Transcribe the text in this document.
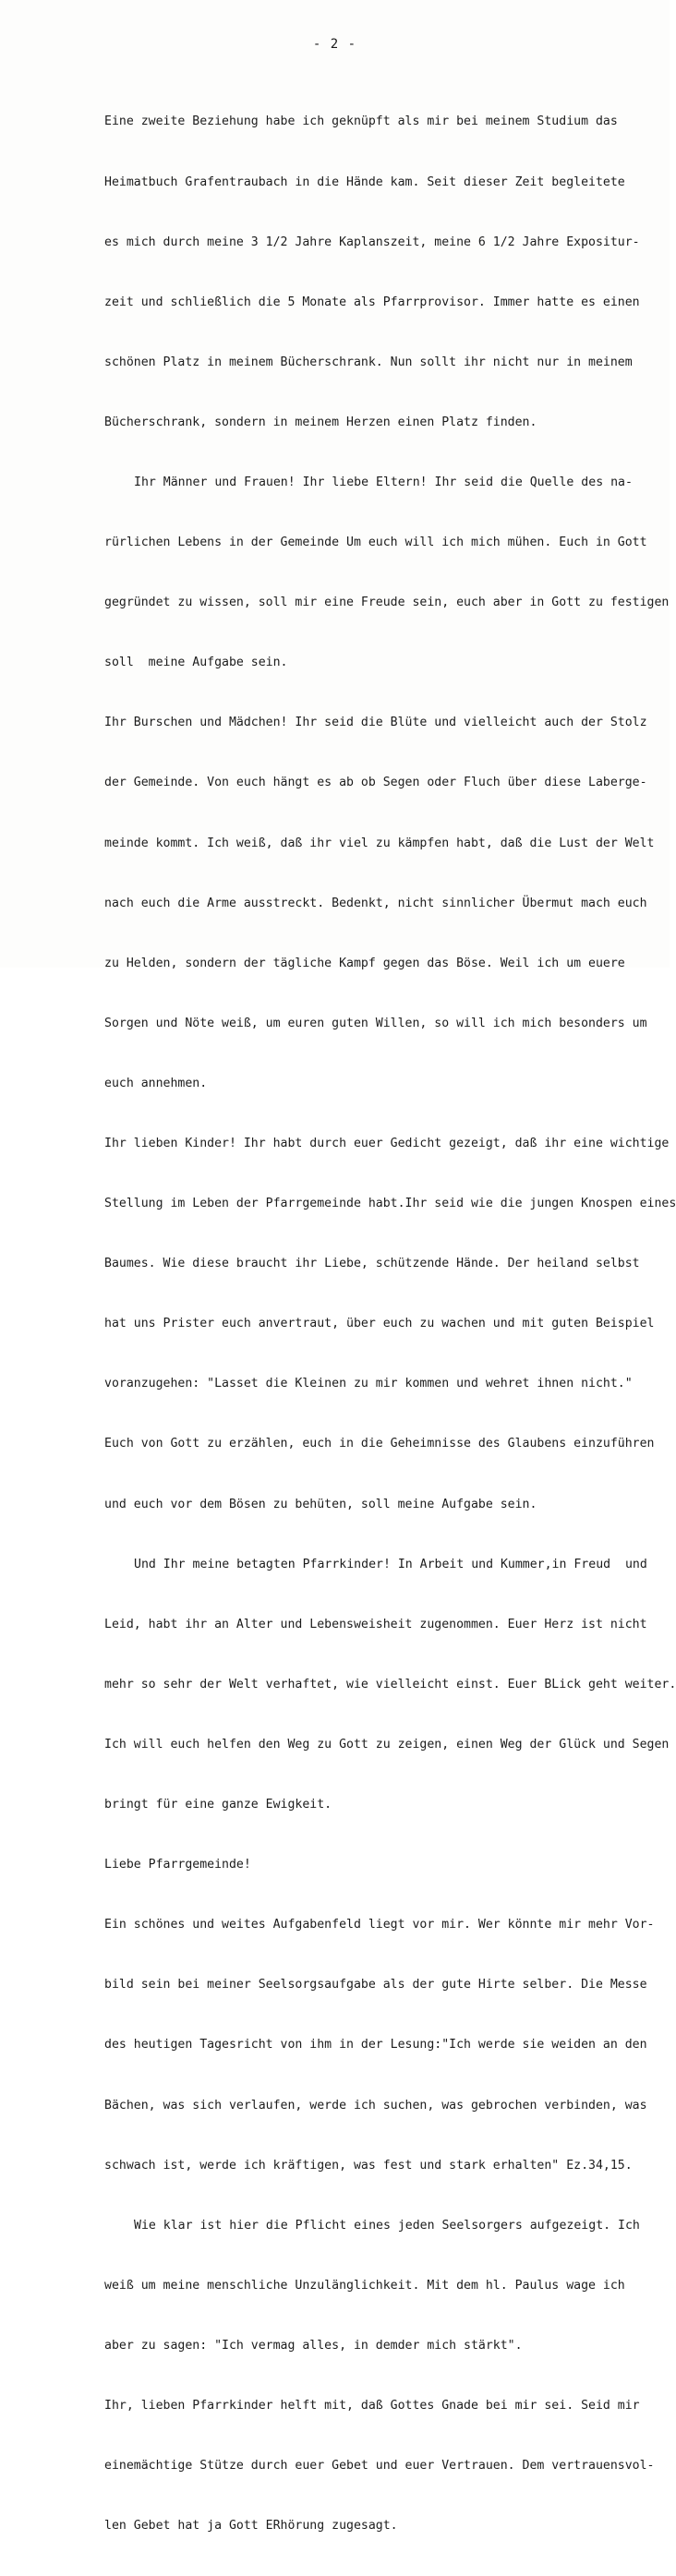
- 2 -

Eine zweite Beziehung habe ich geknüpft als mir bei meinem Studium das

Heimatbuch Grafentraubach in die Hände kam. Seit dieser Zeit begleitete

es mich durch meine 3 1/2 Jahre Kaplanszeit, meine 6 1/2 Jahre Expositur-

zeit und schließlich die 5 Monate als Pfarrprovisor. Immer hatte es einen

schönen Platz in meinem Bücherschrank. Nun sollt ihr nicht nur in meinem

Bücherschrank, sondern in meinem Herzen einen Platz finden.

Ihr Männer und Frauen! Ihr liebe Eltern! Ihr seid die Quelle des na-

rürlichen Lebens in der Gemeinde Um euch will ich mich mühen. Euch in Gott

gegründet zu wissen, soll mir eine Freude sein, euch aber in Gott zu festigen

soll  meine Aufgabe sein.

Ihr Burschen und Mädchen! Ihr seid die Blüte und vielleicht auch der Stolz

der Gemeinde. Von euch hängt es ab ob Segen oder Fluch über diese Laberge-

meinde kommt. Ich weiß, daß ihr viel zu kämpfen habt, daß die Lust der Welt

nach euch die Arme ausstreckt. Bedenkt, nicht sinnlicher Übermut mach euch

zu Helden, sondern der tägliche Kampf gegen das Böse. Weil ich um euere

Sorgen und Nöte weiß, um euren guten Willen, so will ich mich besonders um

euch annehmen.

Ihr lieben Kinder! Ihr habt durch euer Gedicht gezeigt, daß ihr eine wichtige

Stellung im Leben der Pfarrgemeinde habt.Ihr seid wie die jungen Knospen eines

Baumes. Wie diese braucht ihr Liebe, schützende Hände. Der heiland selbst

hat uns Prister euch anvertraut, über euch zu wachen und mit guten Beispiel

voranzugehen: "Lasset die Kleinen zu mir kommen und wehret ihnen nicht."

Euch von Gott zu erzählen, euch in die Geheimnisse des Glaubens einzuführen

und euch vor dem Bösen zu behüten, soll meine Aufgabe sein.

Und Ihr meine betagten Pfarrkinder! In Arbeit und Kummer,in Freud  und

Leid, habt ihr an Alter und Lebensweisheit zugenommen. Euer Herz ist nicht

mehr so sehr der Welt verhaftet, wie vielleicht einst. Euer BLick geht weiter.

Ich will euch helfen den Weg zu Gott zu zeigen, einen Weg der Glück und Segen

bringt für eine ganze Ewigkeit.

Liebe Pfarrgemeinde!

Ein schönes und weites Aufgabenfeld liegt vor mir. Wer könnte mir mehr Vor-

bild sein bei meiner Seelsorgsaufgabe als der gute Hirte selber. Die Messe

des heutigen Tagesricht von ihm in der Lesung:"Ich werde sie weiden an den

Bächen, was sich verlaufen, werde ich suchen, was gebrochen verbinden, was

schwach ist, werde ich kräftigen, was fest und stark erhalten" Ez.34,15.

Wie klar ist hier die Pflicht eines jeden Seelsorgers aufgezeigt. Ich

weiß um meine menschliche Unzulänglichkeit. Mit dem hl. Paulus wage ich

aber zu sagen: "Ich vermag alles, in demder mich stärkt".

Ihr, lieben Pfarrkinder helft mit, daß Gottes Gnade bei mir sei. Seid mir

einemächtige Stütze durch euer Gebet und euer Vertrauen. Dem vertrauensvol-

len Gebet hat ja Gott ERhörung zugesagt.
